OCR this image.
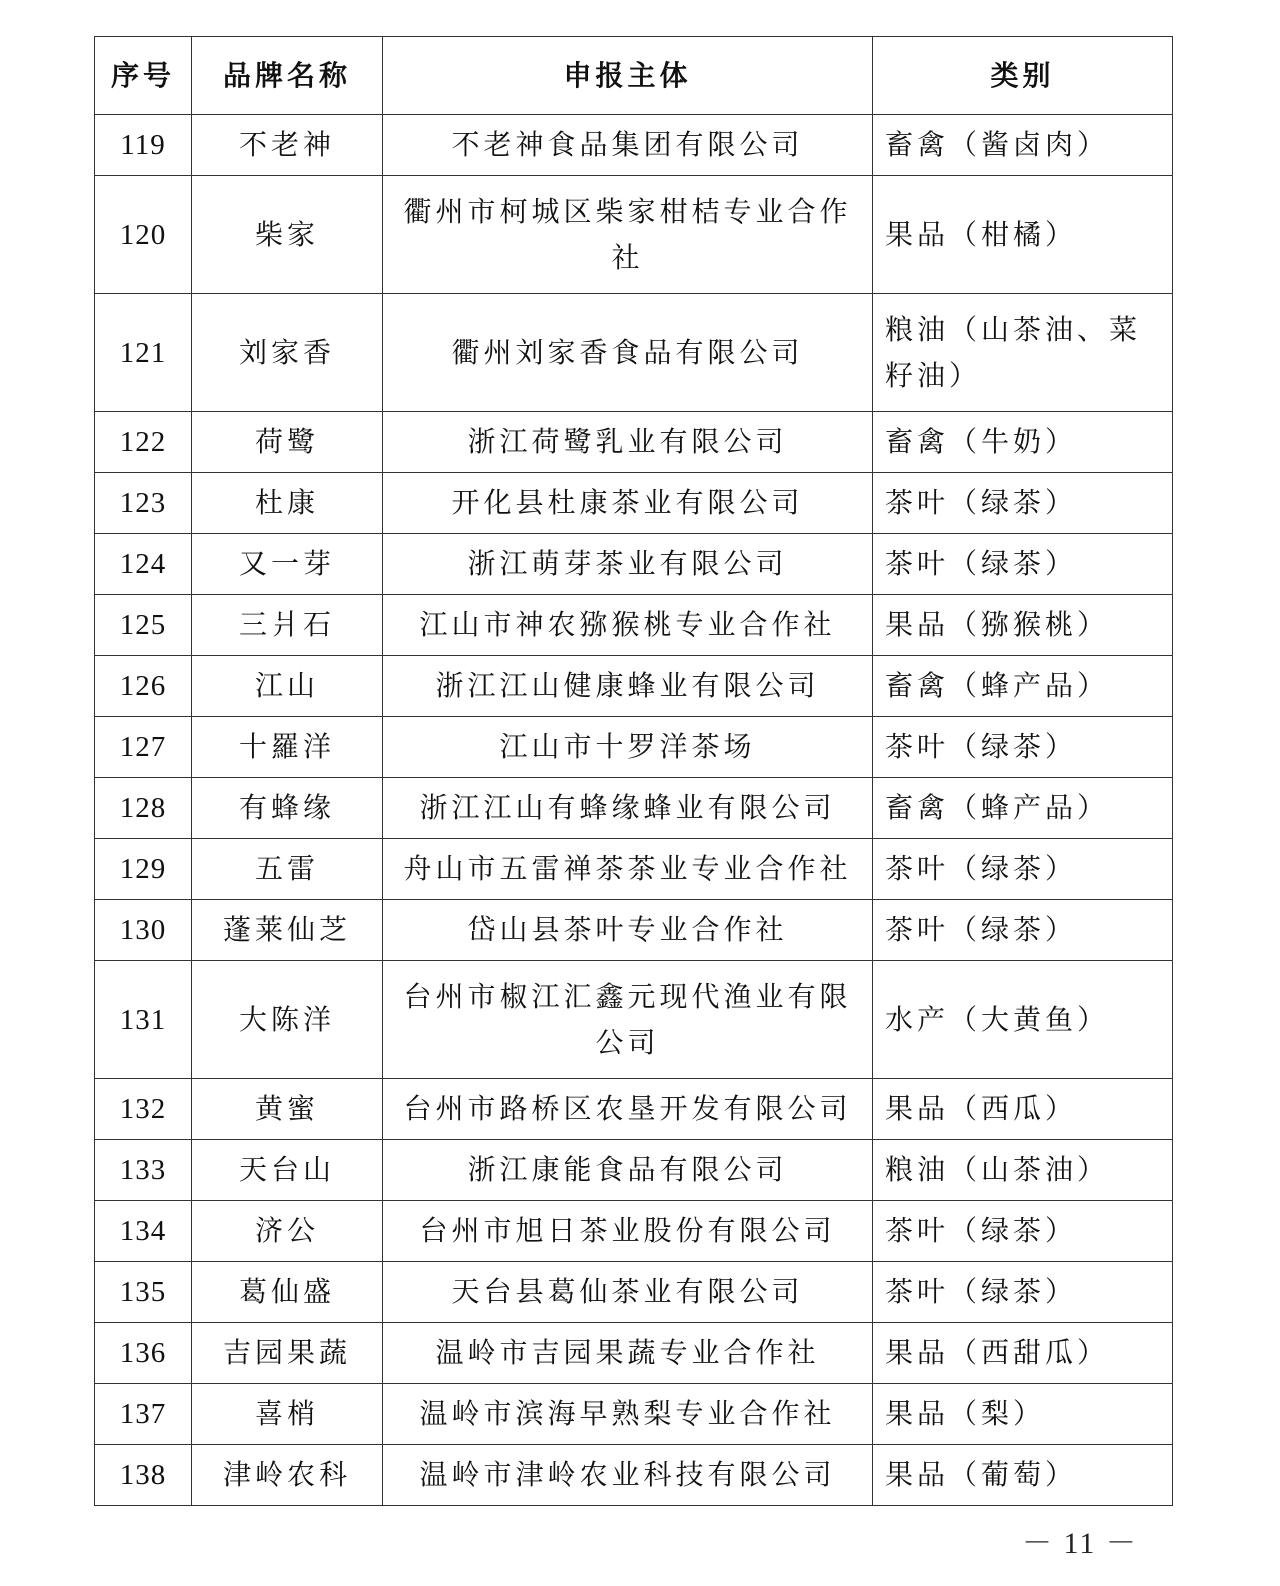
序号	品牌名称	申报主体	类别
119	不老神	不老神食品集团有限公司	畜禽（酱卤肉）
120	柴家	衢州市柯城区柴家柑桔专业合作社	果品（柑橘）
121	刘家香	衢州刘家香食品有限公司	粮油（山茶油、菜籽油）
122	荷鹭	浙江荷鹭乳业有限公司	畜禽（牛奶）
123	杜康	开化县杜康茶业有限公司	茶叶（绿茶）
124	又一芽	浙江萌芽茶业有限公司	茶叶（绿茶）
125	三爿石	江山市神农猕猴桃专业合作社	果品（猕猴桃）
126	江山	浙江江山健康蜂业有限公司	畜禽（蜂产品）
127	十羅洋	江山市十罗洋茶场	茶叶（绿茶）
128	有蜂缘	浙江江山有蜂缘蜂业有限公司	畜禽（蜂产品）
129	五雷	舟山市五雷禅茶茶业专业合作社	茶叶（绿茶）
130	蓬莱仙芝	岱山县茶叶专业合作社	茶叶（绿茶）
131	大陈洋	台州市椒江汇鑫元现代渔业有限公司	水产（大黄鱼）
132	黄蜜	台州市路桥区农垦开发有限公司	果品（西瓜）
133	天台山	浙江康能食品有限公司	粮油（山茶油）
134	济公	台州市旭日茶业股份有限公司	茶叶（绿茶）
135	葛仙盛	天台县葛仙茶业有限公司	茶叶（绿茶）
136	吉园果蔬	温岭市吉园果蔬专业合作社	果品（西甜瓜）
137	喜梢	温岭市滨海早熟梨专业合作社	果品（梨）
138	津岭农科	温岭市津岭农业科技有限公司	果品（葡萄）
－ 11 －
